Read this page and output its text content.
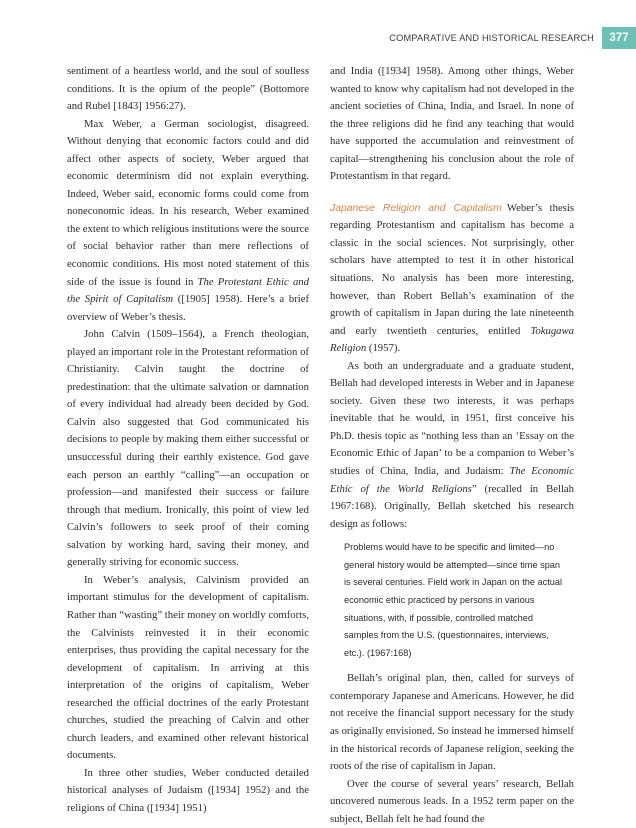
COMPARATIVE AND HISTORICAL RESEARCH	377

sentiment of a heartless world, and the soul of soulless conditions. It is the opium of the people” (Bottomore and Rubel [1843] 1956:27).

Max Weber, a German sociologist, disagreed. Without denying that economic factors could and did affect other aspects of society, Weber argued that economic determinism did not explain everything. Indeed, Weber said, economic forms could come from noneconomic ideas. In his research, Weber examined the extent to which religious institutions were the source of social behavior rather than mere reflections of economic conditions. His most noted statement of this side of the issue is found in The Protestant Ethic and the Spirit of Capitalism ([1905] 1958). Here’s a brief overview of Weber’s thesis.

John Calvin (1509–1564), a French theologian, played an important role in the Protestant reformation of Christianity. Calvin taught the doctrine of predestination: that the ultimate salvation or damnation of every individual had already been decided by God. Calvin also suggested that God communicated his decisions to people by making them either successful or unsuccessful during their earthly existence. God gave each person an earthly “calling”—an occupation or profession—and manifested their success or failure through that medium. Ironically, this point of view led Calvin’s followers to seek proof of their coming salvation by working hard, saving their money, and generally striving for economic success.

In Weber’s analysis, Calvinism provided an important stimulus for the development of capitalism. Rather than “wasting” their money on worldly comforts, the Calvinists reinvested it in their economic enterprises, thus providing the capital necessary for the development of capitalism. In arriving at this interpretation of the origins of capitalism, Weber researched the official doctrines of the early Protestant churches, studied the preaching of Calvin and other church leaders, and examined other relevant historical documents.

In three other studies, Weber conducted detailed historical analyses of Judaism ([1934] 1952) and the religions of China ([1934] 1951)

and India ([1934] 1958). Among other things, Weber wanted to know why capitalism had not developed in the ancient societies of China, India, and Israel. In none of the three religions did he find any teaching that would have supported the accumulation and reinvestment of capital—strengthening his conclusion about the role of Protestantism in that regard.

Japanese Religion and Capitalism Weber’s thesis regarding Protestantism and capitalism has become a classic in the social sciences. Not surprisingly, other scholars have attempted to test it in other historical situations. No analysis has been more interesting, however, than Robert Bellah’s examination of the growth of capitalism in Japan during the late nineteenth and early twentieth centuries, entitled Tokugawa Religion (1957).

As both an undergraduate and a graduate student, Bellah had developed interests in Weber and in Japanese society. Given these two interests, it was perhaps inevitable that he would, in 1951, first conceive his Ph.D. thesis topic as “nothing less than an ‘Essay on the Economic Ethic of Japan’ to be a companion to Weber’s studies of China, India, and Judaism: The Economic Ethic of the World Religions” (recalled in Bellah 1967:168). Originally, Bellah sketched his research design as follows:

Problems would have to be specific and limited—no general history would be attempted—since time span is several centuries. Field work in Japan on the actual economic ethic practiced by persons in various situations, with, if possible, controlled matched samples from the U.S. (questionnaires, interviews, etc.). (1967:168)

Bellah’s original plan, then, called for surveys of contemporary Japanese and Americans. However, he did not receive the financial support necessary for the study as originally envisioned. So instead he immersed himself in the historical records of Japanese religion, seeking the roots of the rise of capitalism in Japan.

Over the course of several years’ research, Bellah uncovered numerous leads. In a 1952 term paper on the subject, Bellah felt he had found the
